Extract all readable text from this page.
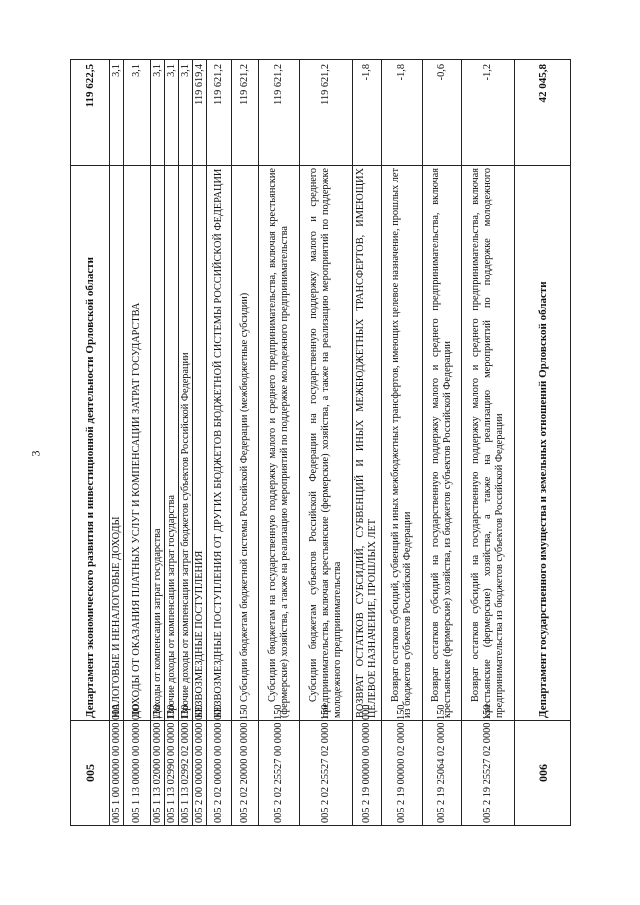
3
005	Департамент экономического развития и инвестиционной деятельности Орловской области	119 622,5
005 1 00 00000 00 0000 000	НАЛОГОВЫЕ И НЕНАЛОГОВЫЕ ДОХОДЫ	3,1
005 1 13 00000 00 0000 000	ДОХОДЫ ОТ ОКАЗАНИЯ ПЛАТНЫХ УСЛУГ И КОМПЕНСАЦИИ ЗАТРАТ ГОСУДАРСТВА	3,1
005 1 13 02000 00 0000 130	Доходы от компенсации затрат государства	3,1
005 1 13 02990 00 0000 130	Прочие доходы от компенсации затрат государства	3,1
005 1 13 02992 02 0000 130	Прочие доходы от компенсации затрат бюджетов субъектов Российской Федерации	3,1
005 2 00 00000 00 0000 000	БЕЗВОЗМЕЗДНЫЕ ПОСТУПЛЕНИЯ	119 619,4
005 2 02 00000 00 0000 000	БЕЗВОЗМЕЗДНЫЕ ПОСТУПЛЕНИЯ ОТ ДРУГИХ БЮДЖЕТОВ БЮДЖЕТНОЙ СИСТЕМЫ РОССИЙСКОЙ ФЕДЕРАЦИИ	119 621,2
005 2 02 20000 00 0000 150	Субсидии бюджетам бюджетной системы Российской Федерации (межбюджетные субсидии)	119 621,2
005 2 02 25527 00 0000 150	Субсидии бюджетам на государственную поддержку малого и среднего предпринимательства, включая крестьянские (фермерские) хозяйства, а также на реализацию мероприятий по поддержке молодежного предпринимательства	119 621,2
005 2 02 25527 02 0000 150	Субсидии бюджетам субъектов Российской Федерации на государственную поддержку малого и среднего предпринимательства, включая крестьянские (фермерские) хозяйства, а также на реализацию мероприятий по поддержке молодежного предпринимательства	119 621,2
005 2 19 00000 00 0000 000	ВОЗВРАТ ОСТАТКОВ СУБСИДИЙ, СУБВЕНЦИЙ И ИНЫХ МЕЖБЮДЖЕТНЫХ ТРАНСФЕРТОВ, ИМЕЮЩИХ ЦЕЛЕВОЕ НАЗНАЧЕНИЕ, ПРОШЛЫХ ЛЕТ	-1,8
005 2 19 00000 02 0000 150	Возврат остатков субсидий, субвенций и иных межбюджетных трансфертов, имеющих целевое назначение, прошлых лет из бюджетов субъектов Российской Федерации	-1,8
005 2 19 25064 02 0000 150	Возврат остатков субсидий на государственную поддержку малого и среднего предпринимательства, включая крестьянские (фермерские) хозяйства, из бюджетов субъектов Российской Федерации	-0,6
005 2 19 25527 02 0000 150	Возврат остатков субсидий на государственную поддержку малого и среднего предпринимательства, включая крестьянские (фермерские) хозяйства, а также на реализацию мероприятий по поддержке молодежного предпринимательства из бюджетов субъектов Российской Федерации	-1,2
006	Департамент государственного имущества и земельных отношений Орловской области	42 045,8
